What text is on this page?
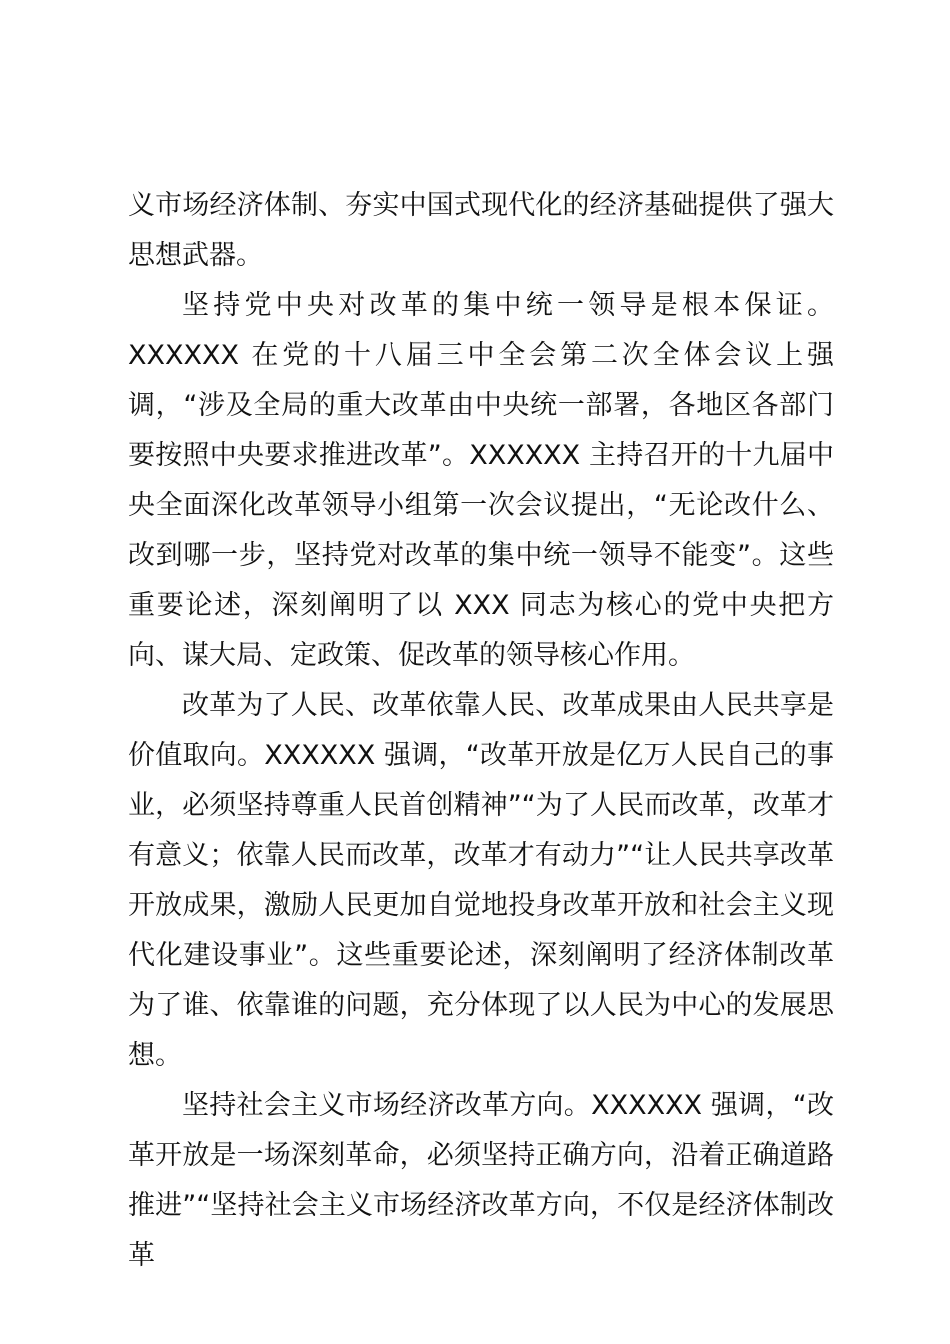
义市场经济体制、夯实中国式现代化的经济基础提供了强大思想武器。

坚持党中央对改革的集中统一领导是根本保证。XXXXXX 在党的十八届三中全会第二次全体会议上强调，“涉及全局的重大改革由中央统一部署，各地区各部门要按照中央要求推进改革”。XXXXXX 主持召开的十九届中央全面深化改革领导小组第一次会议提出，“无论改什么、改到哪一步，坚持党对改革的集中统一领导不能变”。这些重要论述，深刻阐明了以 XXX 同志为核心的党中央把方向、谋大局、定政策、促改革的领导核心作用。

改革为了人民、改革依靠人民、改革成果由人民共享是价值取向。XXXXXX 强调，“改革开放是亿万人民自己的事业，必须坚持尊重人民首创精神”“为了人民而改革，改革才有意义；依靠人民而改革，改革才有动力”“让人民共享改革开放成果，激励人民更加自觉地投身改革开放和社会主义现代化建设事业”。这些重要论述，深刻阐明了经济体制改革为了谁、依靠谁的问题，充分体现了以人民为中心的发展思想。

坚持社会主义市场经济改革方向。XXXXXX 强调，“改革开放是一场深刻革命，必须坚持正确方向，沿着正确道路推进”“坚持社会主义市场经济改革方向，不仅是经济体制改革
